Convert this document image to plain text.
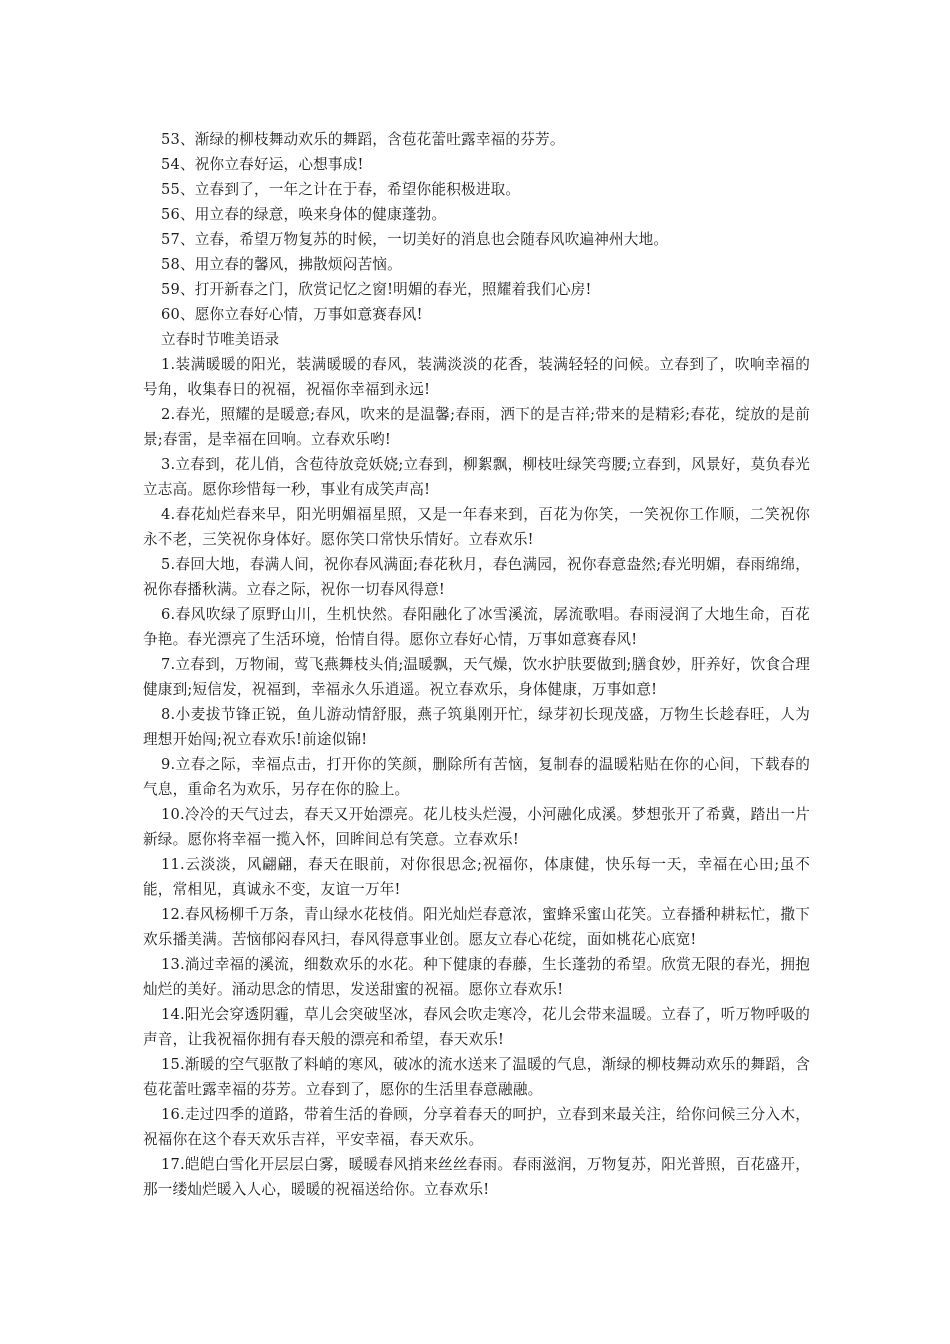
53、渐绿的柳枝舞动欢乐的舞蹈，含苞花蕾吐露幸福的芬芳。
54、祝你立春好运，心想事成!
55、立春到了，一年之计在于春，希望你能积极进取。
56、用立春的绿意，唤来身体的健康蓬勃。
57、立春，希望万物复苏的时候，一切美好的消息也会随春风吹遍神州大地。
58、用立春的馨风，拂散烦闷苦恼。
59、打开新春之门，欣赏记忆之窗!明媚的春光，照耀着我们心房!
60、愿你立春好心情，万事如意赛春风!
立春时节唯美语录

1.装满暖暖的阳光，装满暖暖的春风，装满淡淡的花香，装满轻轻的问候。立春到了，吹响幸福的号角，收集春日的祝福，祝福你幸福到永远!

2.春光，照耀的是暖意;春风，吹来的是温馨;春雨，洒下的是吉祥;带来的是精彩;春花，绽放的是前景;春雷，是幸福在回响。立春欢乐哟!

3.立春到，花儿俏，含苞待放竞妖娆;立春到，柳絮飘，柳枝吐绿笑弯腰;立春到，风景好，莫负春光立志高。愿你珍惜每一秒，事业有成笑声高!

4.春花灿烂春来早，阳光明媚福星照，又是一年春来到，百花为你笑，一笑祝你工作顺，二笑祝你永不老，三笑祝你身体好。愿你笑口常快乐情好。立春欢乐!

5.春回大地，春满人间，祝你春风满面;春花秋月，春色满园，祝你春意盎然;春光明媚，春雨绵绵，祝你春播秋满。立春之际，祝你一切春风得意!

6.春风吹绿了原野山川，生机快然。春阳融化了冰雪溪流，孱流歌唱。春雨浸润了大地生命，百花争艳。春光漂亮了生活环境，怡情自得。愿你立春好心情，万事如意赛春风!

7.立春到，万物闹，莺飞燕舞枝头俏;温暖飘，天气燥，饮水护肤要做到;膳食妙，肝养好，饮食合理健康到;短信发，祝福到，幸福永久乐逍遥。祝立春欢乐，身体健康，万事如意!

8.小麦拔节锋正锐，鱼儿游动情舒服，燕子筑巢刚开忙，绿芽初长现茂盛，万物生长趁春旺，人为理想开始闯;祝立春欢乐!前途似锦!

9.立春之际，幸福点击，打开你的笑颜，删除所有苦恼，复制春的温暖粘贴在你的心间，下载春的气息，重命名为欢乐，另存在你的脸上。

10.冷冷的天气过去，春天又开始漂亮。花儿枝头烂漫，小河融化成溪。梦想张开了希冀，踏出一片新绿。愿你将幸福一揽入怀，回眸间总有笑意。立春欢乐!

11.云淡淡，风翩翩，春天在眼前，对你很思念;祝福你，体康健，快乐每一天，幸福在心田;虽不能，常相见，真诚永不变，友谊一万年!

12.春风杨柳千万条，青山绿水花枝俏。阳光灿烂春意浓，蜜蜂采蜜山花笑。立春播种耕耘忙，撒下欢乐播美满。苦恼郁闷春风扫，春风得意事业创。愿友立春心花绽，面如桃花心底宽!

13.淌过幸福的溪流，细数欢乐的水花。种下健康的春藤，生长蓬勃的希望。欣赏无限的春光，拥抱灿烂的美好。涌动思念的情思，发送甜蜜的祝福。愿你立春欢乐!

14.阳光会穿透阴霾，草儿会突破坚冰，春风会吹走寒冷，花儿会带来温暖。立春了，听万物呼吸的声音，让我祝福你拥有春天般的漂亮和希望，春天欢乐!

15.渐暖的空气驱散了料峭的寒风，破冰的流水送来了温暖的气息，渐绿的柳枝舞动欢乐的舞蹈，含苞花蕾吐露幸福的芬芳。立春到了，愿你的生活里春意融融。

16.走过四季的道路，带着生活的眷顾，分享着春天的呵护，立春到来最关注，给你问候三分入木，祝福你在这个春天欢乐吉祥，平安幸福，春天欢乐。

17.皑皑白雪化开层层白雾，暖暖春风捎来丝丝春雨。春雨滋润，万物复苏，阳光普照，百花盛开，那一缕灿烂暖入人心，暖暖的祝福送给你。立春欢乐!
